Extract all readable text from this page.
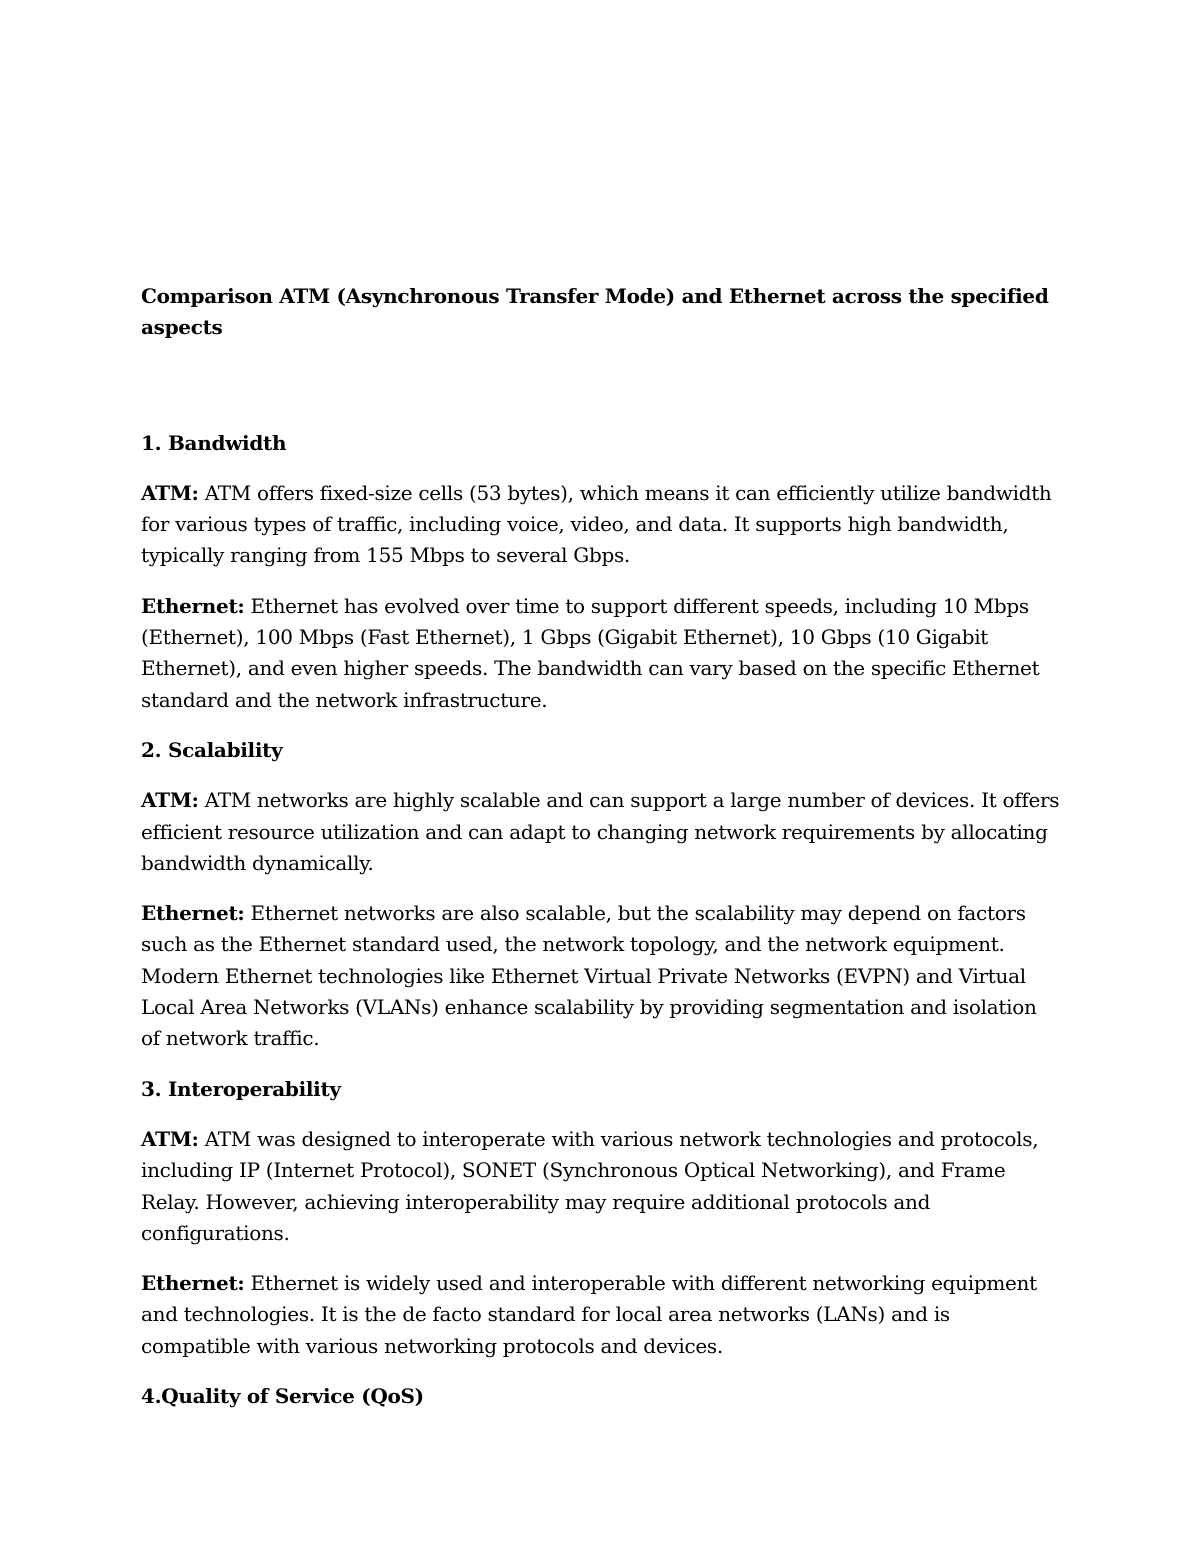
Comparison ATM (Asynchronous Transfer Mode) and Ethernet across the specified aspects

1. Bandwidth

ATM: ATM offers fixed-size cells (53 bytes), which means it can efficiently utilize bandwidth for various types of traffic, including voice, video, and data. It supports high bandwidth, typically ranging from 155 Mbps to several Gbps.

Ethernet: Ethernet has evolved over time to support different speeds, including 10 Mbps (Ethernet), 100 Mbps (Fast Ethernet), 1 Gbps (Gigabit Ethernet), 10 Gbps (10 Gigabit Ethernet), and even higher speeds. The bandwidth can vary based on the specific Ethernet standard and the network infrastructure.

2. Scalability

ATM: ATM networks are highly scalable and can support a large number of devices. It offers efficient resource utilization and can adapt to changing network requirements by allocating bandwidth dynamically.

Ethernet: Ethernet networks are also scalable, but the scalability may depend on factors such as the Ethernet standard used, the network topology, and the network equipment. Modern Ethernet technologies like Ethernet Virtual Private Networks (EVPN) and Virtual Local Area Networks (VLANs) enhance scalability by providing segmentation and isolation of network traffic.

3. Interoperability

ATM: ATM was designed to interoperate with various network technologies and protocols, including IP (Internet Protocol), SONET (Synchronous Optical Networking), and Frame Relay. However, achieving interoperability may require additional protocols and configurations.

Ethernet: Ethernet is widely used and interoperable with different networking equipment and technologies. It is the de facto standard for local area networks (LANs) and is compatible with various networking protocols and devices.

4.Quality of Service (QoS)
